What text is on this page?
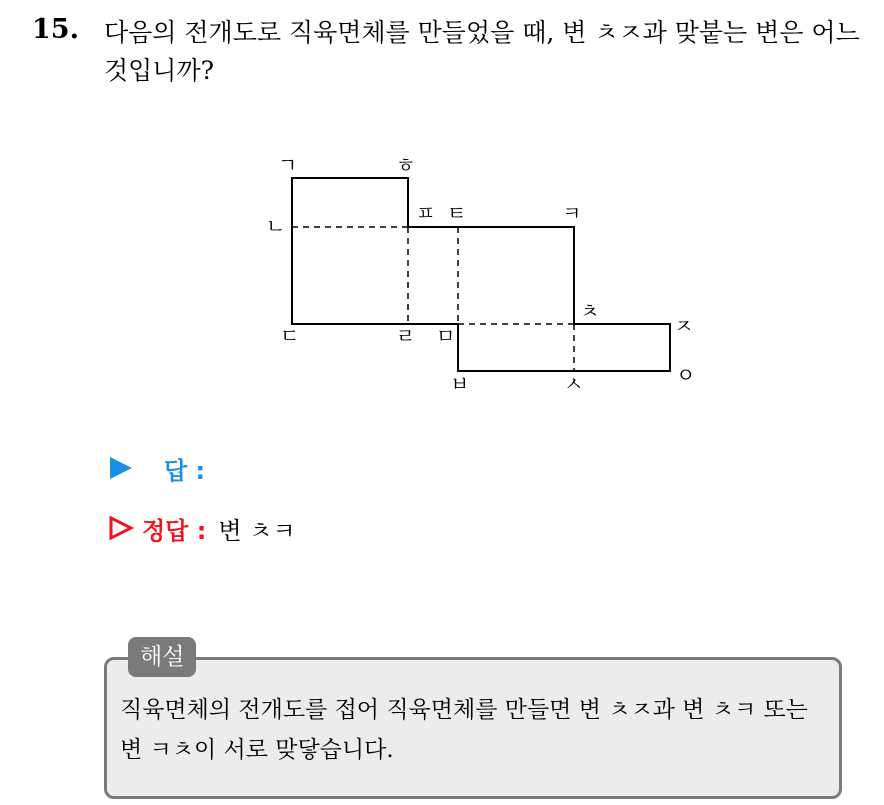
15. 다음의 전개도로 직육면체를 만들었을 때, 변 ㅊㅈ과 맞붙는 변은 어느 것입니까?
ㄱ	ㅎ
ㄴ
ㅍ ㅌ	ㅋ
ㄷ	ㄹ ㅁ
ㅊ
ㅈ
ㅂ	ㅅ	ㅇ
답 :
정답 : 변 ㅊㅋ
해설
직육면체의 전개도를 접어 직육면체를 만들면 변 ㅊㅈ과 변 ㅊㅋ 또는 변 ㅋㅊ이 서로 맞닿습니다.
